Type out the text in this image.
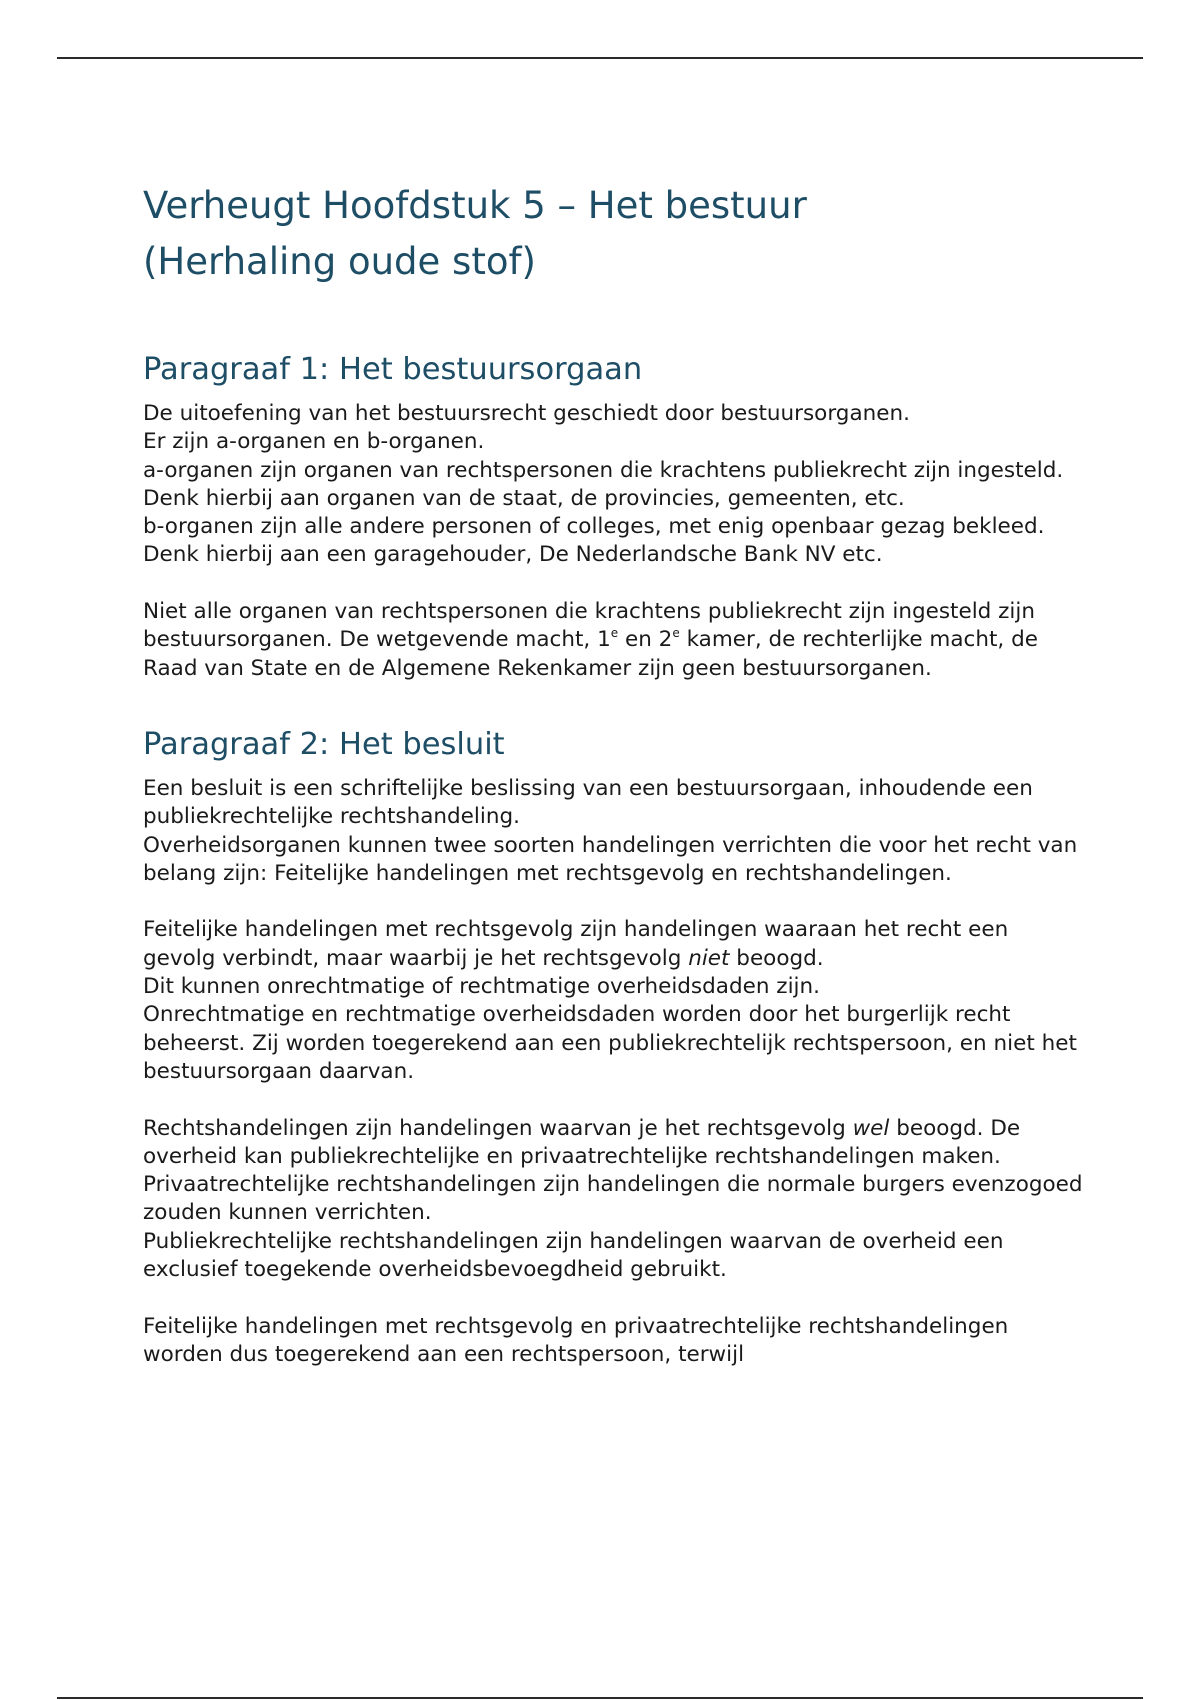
Verheugt Hoofdstuk 5 – Het bestuur
(Herhaling oude stof)
Paragraaf 1: Het bestuursorgaan

De uitoefening van het bestuursrecht geschiedt door bestuursorganen.

Er zijn a-organen en b-organen.

a-organen zijn organen van rechtspersonen die krachtens publiekrecht zijn ingesteld.

Denk hierbij aan organen van de staat, de provincies, gemeenten, etc.

b-organen zijn alle andere personen of colleges, met enig openbaar gezag bekleed.

Denk hierbij aan een garagehouder, De Nederlandsche Bank NV etc.

Niet alle organen van rechtspersonen die krachtens publiekrecht zijn ingesteld zijn bestuursorganen. De wetgevende macht, 1e en 2e kamer, de rechterlijke macht, de Raad van State en de Algemene Rekenkamer zijn geen bestuursorganen.

Paragraaf 2: Het besluit

Een besluit is een schriftelijke beslissing van een bestuursorgaan, inhoudende een publiekrechtelijke rechtshandeling.

Overheidsorganen kunnen twee soorten handelingen verrichten die voor het recht van belang zijn: Feitelijke handelingen met rechtsgevolg en rechtshandelingen.

Feitelijke handelingen met rechtsgevolg zijn handelingen waaraan het recht een gevolg verbindt, maar waarbij je het rechtsgevolg niet beoogd.

Dit kunnen onrechtmatige of rechtmatige overheidsdaden zijn.

Onrechtmatige en rechtmatige overheidsdaden worden door het burgerlijk recht beheerst. Zij worden toegerekend aan een publiekrechtelijk rechtspersoon, en niet het bestuursorgaan daarvan.

Rechtshandelingen zijn handelingen waarvan je het rechtsgevolg wel beoogd. De overheid kan publiekrechtelijke en privaatrechtelijke rechtshandelingen maken.

Privaatrechtelijke rechtshandelingen zijn handelingen die normale burgers evenzogoed zouden kunnen verrichten.

Publiekrechtelijke rechtshandelingen zijn handelingen waarvan de overheid een exclusief toegekende overheidsbevoegdheid gebruikt.

Feitelijke handelingen met rechtsgevolg en privaatrechtelijke rechtshandelingen worden dus toegerekend aan een rechtspersoon, terwijl
